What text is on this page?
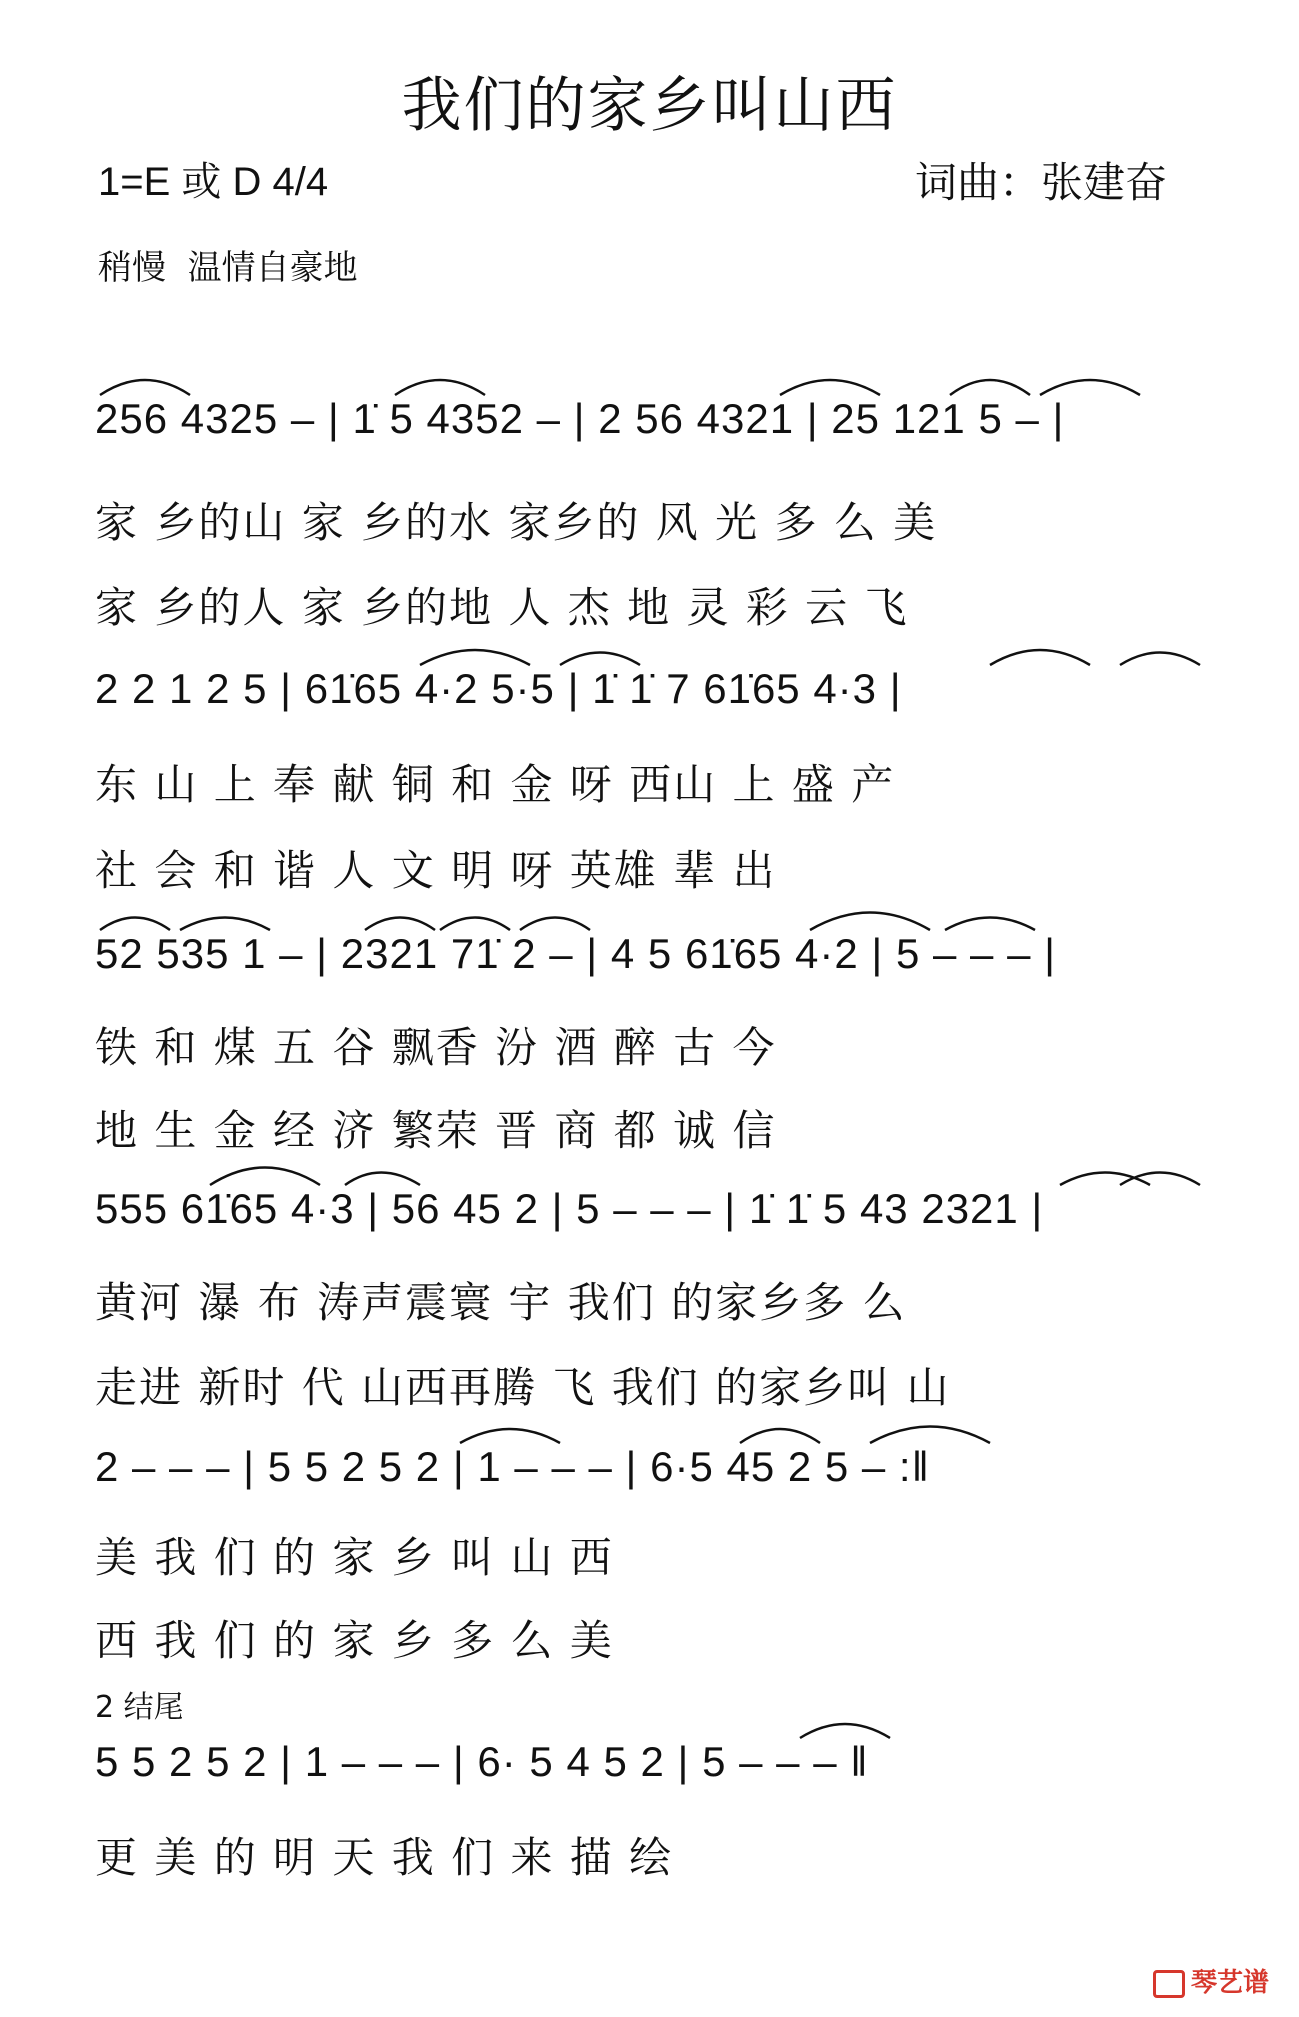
我们的家乡叫山西
1=E 或 D 4/4	词曲：张建奋
稍慢  温情自豪地
256 4325 – | 1̇ 5 4352 – | 2 56 4321 | 25 121 5 – |
家 乡的山 家 乡的水 家乡的 风 光 多 么 美
家 乡的人 家 乡的地 人 杰 地 灵 彩 云 飞
2 2 1 2 5 | 61̇65 4·2 5·5 | 1̇ 1̇ 7 61̇65 4·3 |
东 山 上 奉 献 铜 和 金 呀 西山 上 盛 产
社 会 和 谐 人 文 明 呀 英雄 辈 出
52 535 1 – | 2321 71̇ 2 – | 4 5 61̇65 4·2 | 5 – – – |
铁 和 煤 五 谷 飘香 汾 酒 醉 古 今
地 生 金 经 济 繁荣 晋 商 都 诚 信
555 61̇65 4·3 | 56 45 2 | 5 – – – | 1̇ 1̇ 5 43 2321 |
黄河 瀑 布 涛声震寰 宇 我们 的家乡多 么
走进 新时 代 山西再腾 飞 我们 的家乡叫 山
2 – – – | 5 5 2 5 2 | 1 – – – | 6·5 45 2 5 – :‖
美 我 们 的 家 乡 叫 山 西
西 我 们 的 家 乡 多 么 美
2 结尾
5 5 2 5 2 | 1 – – – | 6· 5 4 5 2 | 5 – – – ‖
更 美 的 明 天 我 们 来 描 绘
琴艺谱
